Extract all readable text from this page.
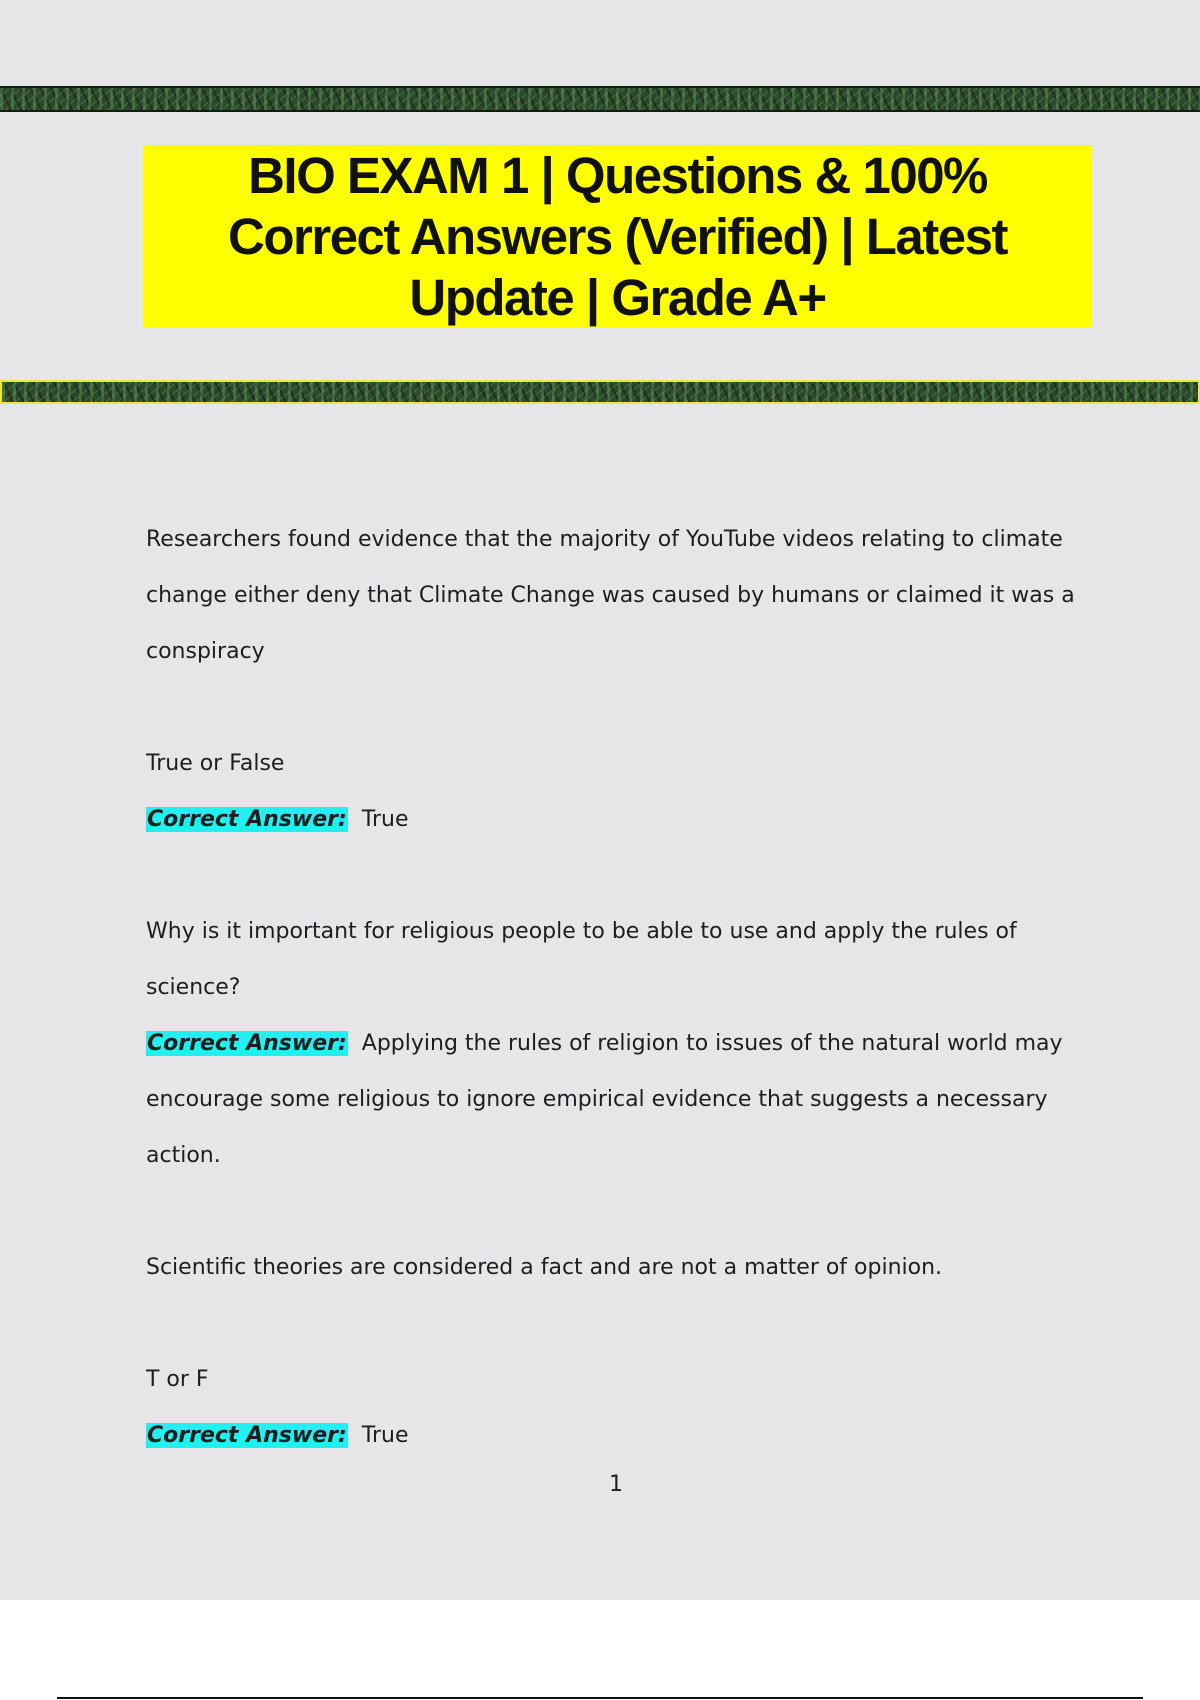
BIO EXAM 1 | Questions & 100% Correct Answers (Verified) | Latest Update | Grade A+

Researchers found evidence that the majority of YouTube videos relating to climate

change either deny that Climate Change was caused by humans or claimed it was a

conspiracy

True or False

Correct Answer: True

Why is it important for religious people to be able to use and apply the rules of science?

Correct Answer: Applying the rules of religion to issues of the natural world may

encourage some religious to ignore empirical evidence that suggests a necessary

action.

Scientific theories are considered a fact and are not a matter of opinion.

T or F

Correct Answer: True

1
